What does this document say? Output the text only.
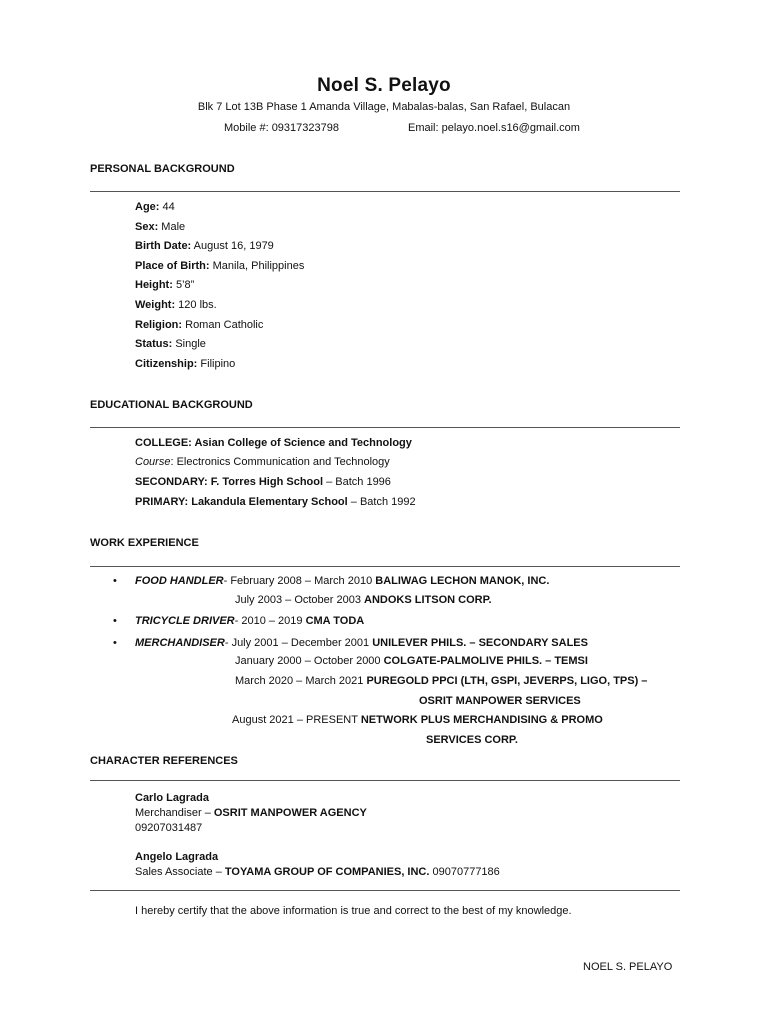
Noel S. Pelayo
Blk 7 Lot 13B Phase 1 Amanda Village, Mabalas-balas, San Rafael, Bulacan
Mobile #: 09317323798	Email: pelayo.noel.s16@gmail.com
PERSONAL BACKGROUND
Age: 44
Sex: Male
Birth Date: August 16, 1979
Place of Birth: Manila, Philippines
Height: 5’8”
Weight: 120 lbs.
Religion: Roman Catholic
Status: Single
Citizenship: Filipino
EDUCATIONAL BACKGROUND
COLLEGE: Asian College of Science and Technology
Course: Electronics Communication and Technology
SECONDARY: F. Torres High School – Batch 1996
PRIMARY: Lakandula Elementary School – Batch 1992
WORK EXPERIENCE
• FOOD HANDLER- February 2008 – March 2010 BALIWAG LECHON MANOK, INC.
July 2003 – October 2003 ANDOKS LITSON CORP.
• TRICYCLE DRIVER- 2010 – 2019 CMA TODA
• MERCHANDISER- July 2001 – December 2001 UNILEVER PHILS. – SECONDARY SALES
January 2000 – October 2000 COLGATE-PALMOLIVE PHILS. – TEMSI
March 2020 – March 2021 PUREGOLD PPCI (LTH, GSPI, JEVERPS, LIGO, TPS) –
OSRIT MANPOWER SERVICES
August 2021 – PRESENT NETWORK PLUS MERCHANDISING & PROMO
SERVICES CORP.
CHARACTER REFERENCES
Carlo Lagrada
Merchandiser – OSRIT MANPOWER AGENCY
09207031487
Angelo Lagrada
Sales Associate – TOYAMA GROUP OF COMPANIES, INC. 09070777186
I hereby certify that the above information is true and correct to the best of my knowledge.
NOEL S. PELAYO
